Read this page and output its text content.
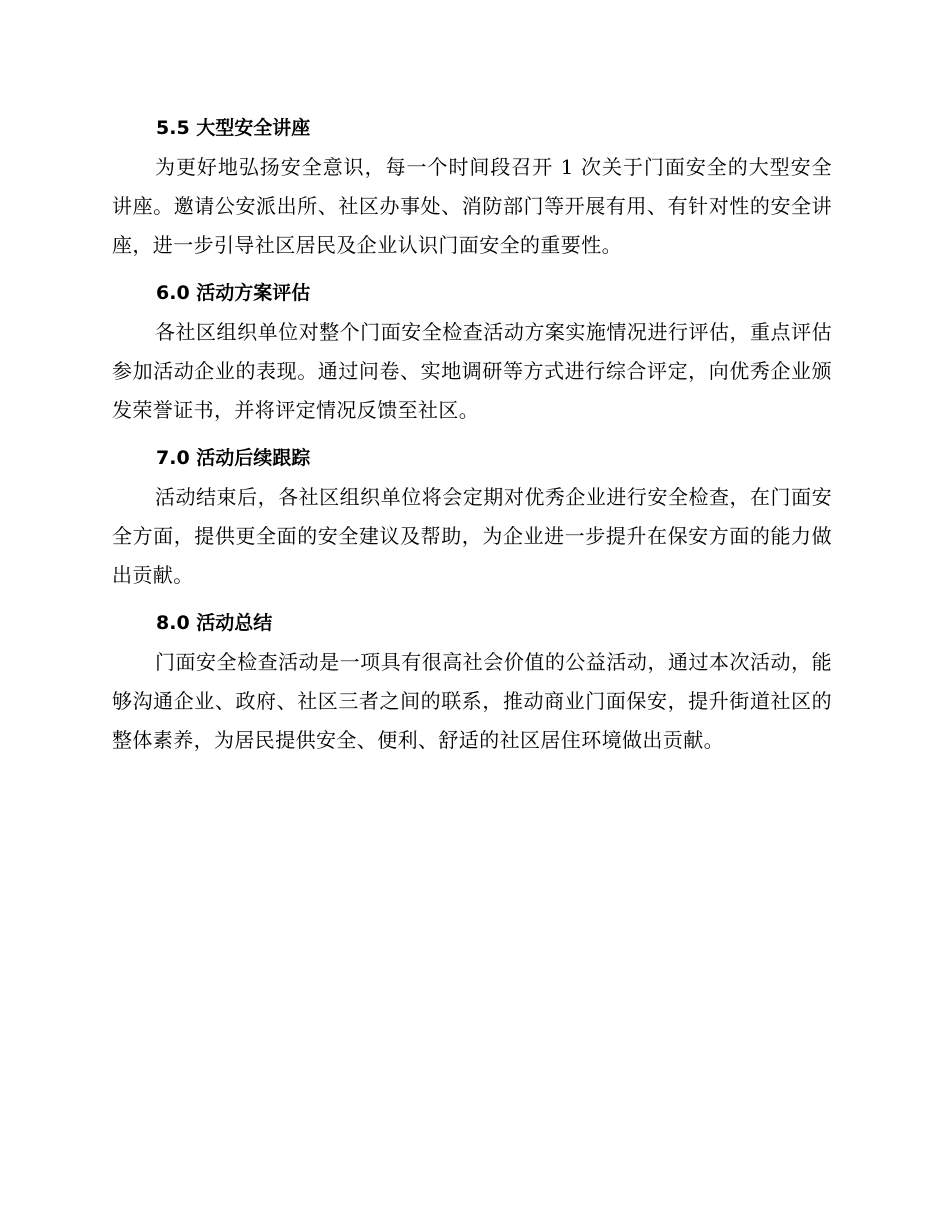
5.5 大型安全讲座

为更好地弘扬安全意识，每一个时间段召开 1 次关于门面安全的大型安全讲座。邀请公安派出所、社区办事处、消防部门等开展有用、有针对性的安全讲座，进一步引导社区居民及企业认识门面安全的重要性。

6.0 活动方案评估

各社区组织单位对整个门面安全检查活动方案实施情况进行评估，重点评估参加活动企业的表现。通过问卷、实地调研等方式进行综合评定，向优秀企业颁发荣誉证书，并将评定情况反馈至社区。

7.0 活动后续跟踪

活动结束后，各社区组织单位将会定期对优秀企业进行安全检查，在门面安全方面，提供更全面的安全建议及帮助，为企业进一步提升在保安方面的能力做出贡献。

8.0 活动总结

门面安全检查活动是一项具有很高社会价值的公益活动，通过本次活动，能够沟通企业、政府、社区三者之间的联系，推动商业门面保安，提升街道社区的整体素养，为居民提供安全、便利、舒适的社区居住环境做出贡献。
